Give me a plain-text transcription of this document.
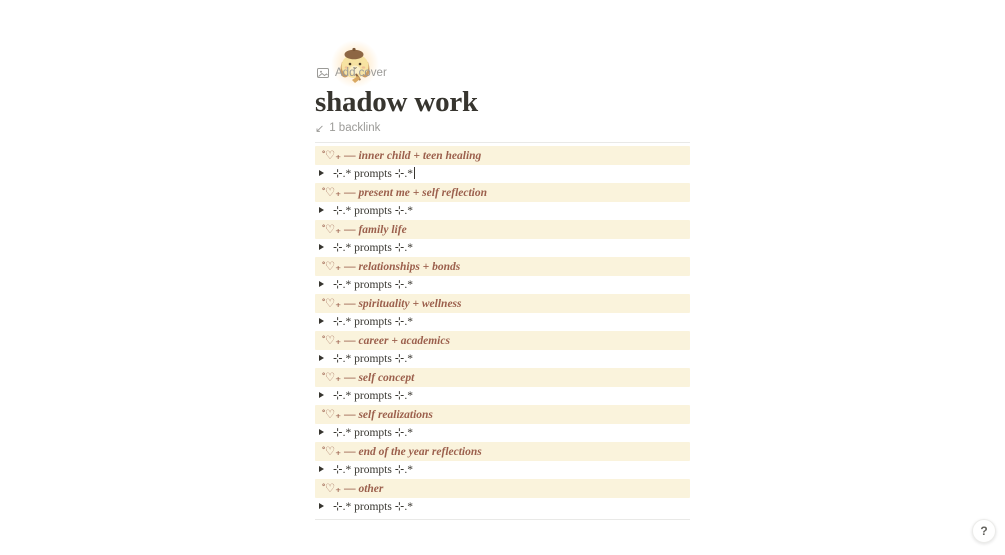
Add cover
shadow work
↙ 1 backlink
˚♡₊ — inner child + teen healing
⊹.* prompts ⊹.*
˚♡₊ — present me + self reflection
⊹.* prompts ⊹.*
˚♡₊ — family life
⊹.* prompts ⊹.*
˚♡₊ — relationships + bonds
⊹.* prompts ⊹.*
˚♡₊ — spirituality + wellness
⊹.* prompts ⊹.*
˚♡₊ — career + academics
⊹.* prompts ⊹.*
˚♡₊ — self concept
⊹.* prompts ⊹.*
˚♡₊ — self realizations
⊹.* prompts ⊹.*
˚♡₊ — end of the year reflections
⊹.* prompts ⊹.*
˚♡₊ — other
⊹.* prompts ⊹.*
?
